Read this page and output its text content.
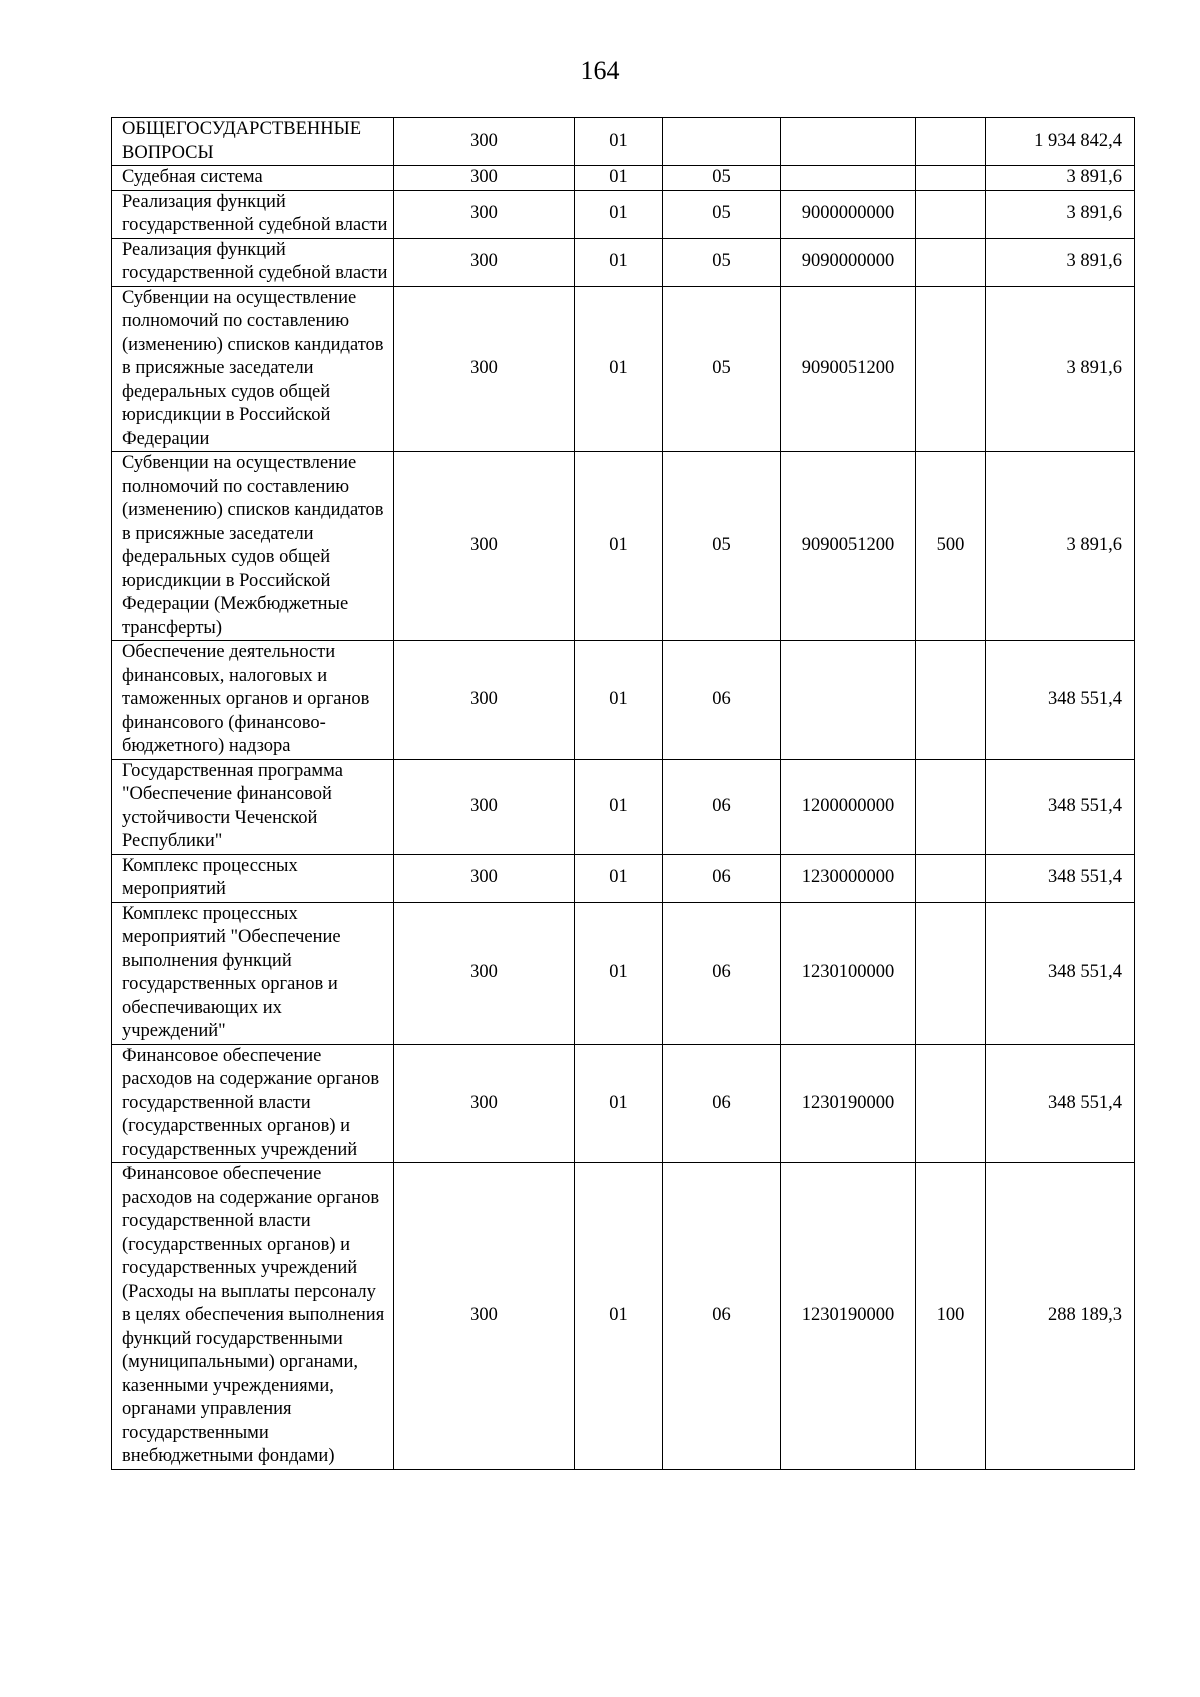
164
ОБЩЕГОСУДАРСТВЕННЫЕ ВОПРОСЫ	300	01				1 934 842,4
Судебная система	300	01	05			3 891,6
Реализация функций государственной судебной власти	300	01	05	9000000000		3 891,6
Реализация функций государственной судебной власти	300	01	05	9090000000		3 891,6
Субвенции на осуществление полномочий по составлению (изменению) списков кандидатов в присяжные заседатели федеральных судов общей юрисдикции в Российской Федерации	300	01	05	9090051200		3 891,6
Субвенции на осуществление полномочий по составлению (изменению) списков кандидатов в присяжные заседатели федеральных судов общей юрисдикции в Российской Федерации (Межбюджетные трансферты)	300	01	05	9090051200	500	3 891,6
Обеспечение деятельности финансовых, налоговых и таможенных органов и органов финансового (финансово-бюджетного) надзора	300	01	06			348 551,4
Государственная программа "Обеспечение финансовой устойчивости Чеченской Республики"	300	01	06	1200000000		348 551,4
Комплекс процессных мероприятий	300	01	06	1230000000		348 551,4
Комплекс процессных мероприятий "Обеспечение выполнения функций государственных органов и обеспечивающих их учреждений"	300	01	06	1230100000		348 551,4
Финансовое обеспечение расходов на содержание органов государственной власти (государственных органов) и государственных учреждений	300	01	06	1230190000		348 551,4
Финансовое обеспечение расходов на содержание органов государственной власти (государственных органов) и государственных учреждений (Расходы на выплаты персоналу в целях обеспечения выполнения функций государственными (муниципальными) органами, казенными учреждениями, органами управления государственными внебюджетными фондами)	300	01	06	1230190000	100	288 189,3
